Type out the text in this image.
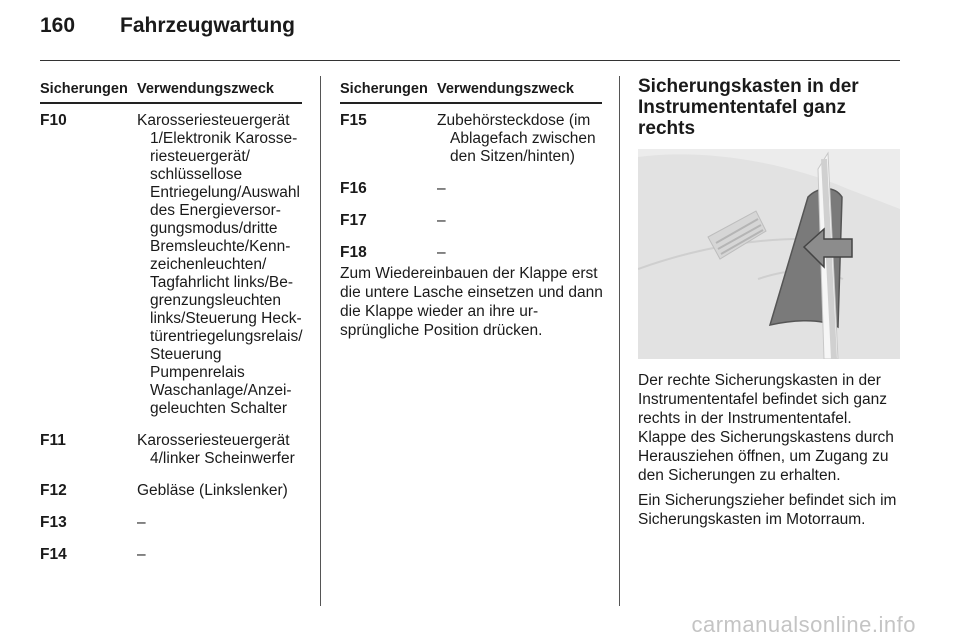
160 Fahrzeugwartung
Sicherungen Verwendungszweck
F10	Karosseriesteuergerät
1/Elektronik Karosse-
riesteuergerät/
schlüssellose
Entriegelung/Auswahl
des Energieversor-
gungsmodus/dritte
Bremsleuchte/Kenn-
zeichenleuchten/
Tagfahrlicht links/Be-
grenzungsleuchten
links/Steuerung Heck-
türentriegelungsrelais/
Steuerung
Pumpenrelais
Waschanlage/Anzei-
geleuchten Schalter
F11	Karosseriesteuergerät
4/linker Scheinwerfer
F12	Gebläse (Linkslenker)
F13	–
F14	–
Sicherungen Verwendungszweck
F15	Zubehörsteckdose (im
Ablagefach zwischen
den Sitzen/hinten)
F16	–
F17	–
F18	–

Zum Wiedereinbauen der Klappe erst die untere Lasche einsetzen und dann die Klappe wieder an ihre ur-sprüngliche Position drücken.

Sicherungskasten in der Instrumententafel ganz rechts

Der rechte Sicherungskasten in der Instrumententafel befindet sich ganz rechts in der Instrumententafel. Klappe des Sicherungskastens durch Herausziehen öffnen, um Zugang zu den Sicherungen zu erhalten.

Ein Sicherungszieher befindet sich im Sicherungskasten im Motorraum.

carmanualsonline.info
